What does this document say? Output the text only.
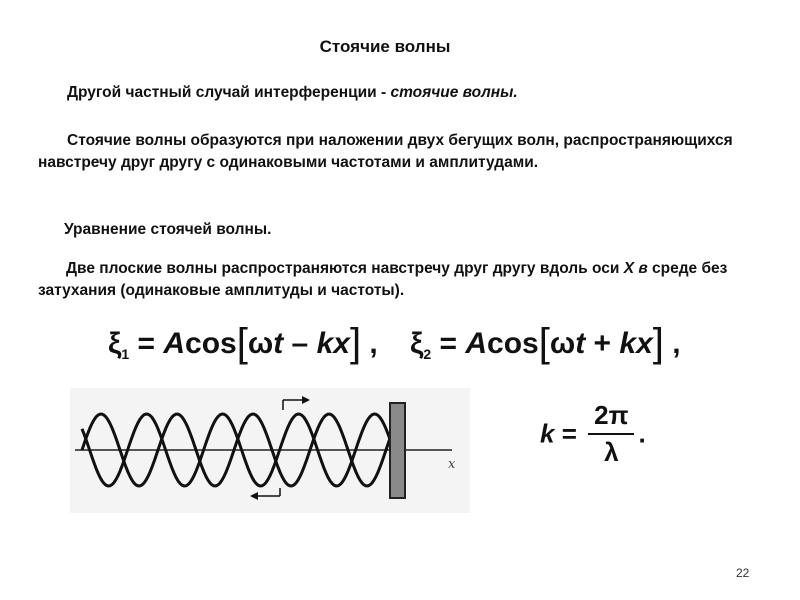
Стоячие волны
Другой частный случай интерференции - стоячие волны.
Стоячие волны образуются при наложении двух бегущих волн, распространяющихся навстречу друг другу с одинаковыми частотами и амплитудами.
Уравнение стоячей волны.
Две плоские волны распространяются навстречу друг другу вдоль оси X в среде без затухания (одинаковые амплитуды и частоты).
$\xi_1 = Acos[\omega t - kx]$ , $\xi_2 = Acos[\omega t + kx]$ ,
x
$k = \frac{2\pi}{\lambda}$ .
22
